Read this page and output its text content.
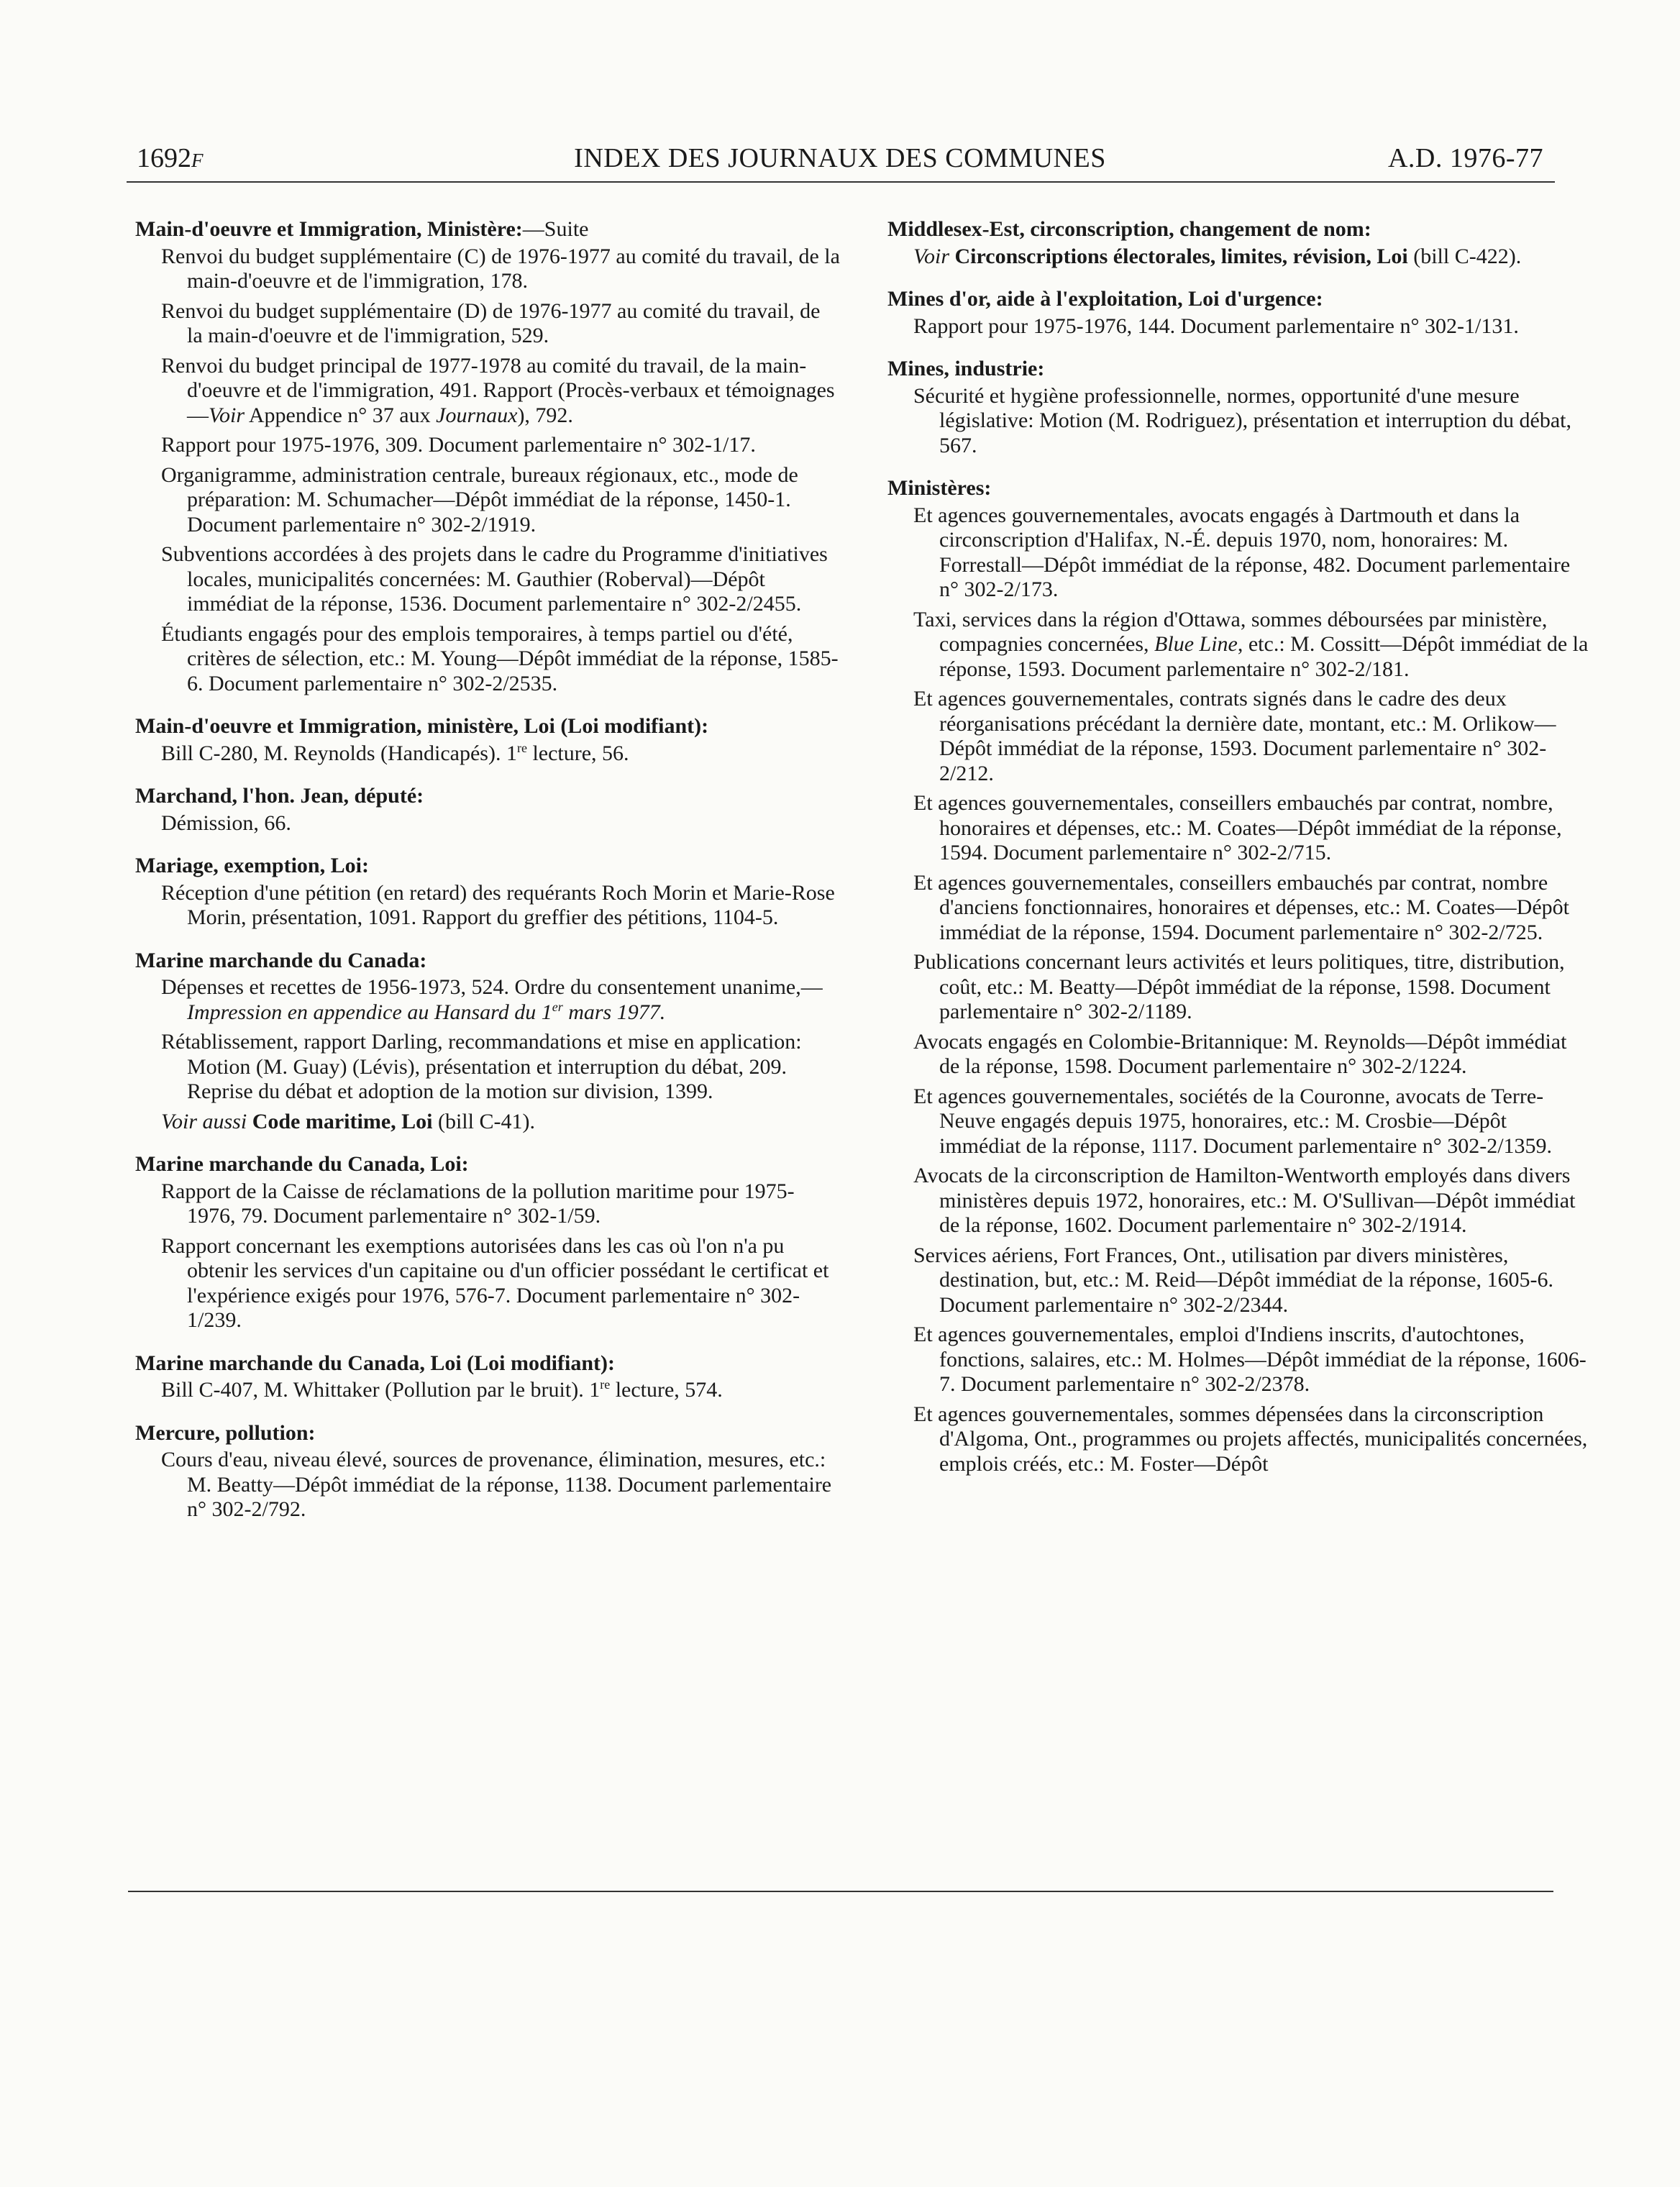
1692F	INDEX DES JOURNAUX DES COMMUNES	A.D. 1976-77
Main-d'oeuvre et Immigration, Ministère:—Suite
Renvoi du budget supplémentaire (C) de 1976-1977 au comité du travail, de la main-d'oeuvre et de l'immigration, 178.
Renvoi du budget supplémentaire (D) de 1976-1977 au comité du travail, de la main-d'oeuvre et de l'immigration, 529.
Renvoi du budget principal de 1977-1978 au comité du travail, de la main-d'oeuvre et de l'immigration, 491. Rapport (Procès-verbaux et témoignages—Voir Appendice n° 37 aux Journaux), 792.
Rapport pour 1975-1976, 309. Document parlementaire n° 302-1/17.
Organigramme, administration centrale, bureaux régionaux, etc., mode de préparation: M. Schumacher—Dépôt immédiat de la réponse, 1450-1. Document parlementaire n° 302-2/1919.
Subventions accordées à des projets dans le cadre du Programme d'initiatives locales, municipalités concernées: M. Gauthier (Roberval)—Dépôt immédiat de la réponse, 1536. Document parlementaire n° 302-2/2455.
Étudiants engagés pour des emplois temporaires, à temps partiel ou d'été, critères de sélection, etc.: M. Young—Dépôt immédiat de la réponse, 1585-6. Document parlementaire n° 302-2/2535.
Main-d'oeuvre et Immigration, ministère, Loi (Loi modifiant):
Bill C-280, M. Reynolds (Handicapés). 1re lecture, 56.
Marchand, l'hon. Jean, député:
Démission, 66.
Mariage, exemption, Loi:
Réception d'une pétition (en retard) des requérants Roch Morin et Marie-Rose Morin, présentation, 1091. Rapport du greffier des pétitions, 1104-5.
Marine marchande du Canada:
Dépenses et recettes de 1956-1973, 524. Ordre du consentement unanime,—Impression en appendice au Hansard du 1er mars 1977.
Rétablissement, rapport Darling, recommandations et mise en application: Motion (M. Guay) (Lévis), présentation et interruption du débat, 209. Reprise du débat et adoption de la motion sur division, 1399.
Voir aussi Code maritime, Loi (bill C-41).
Marine marchande du Canada, Loi:
Rapport de la Caisse de réclamations de la pollution maritime pour 1975-1976, 79. Document parlementaire n° 302-1/59.
Rapport concernant les exemptions autorisées dans les cas où l'on n'a pu obtenir les services d'un capitaine ou d'un officier possédant le certificat et l'expérience exigés pour 1976, 576-7. Document parlementaire n° 302-1/239.
Marine marchande du Canada, Loi (Loi modifiant):
Bill C-407, M. Whittaker (Pollution par le bruit). 1re lecture, 574.
Mercure, pollution:
Cours d'eau, niveau élevé, sources de provenance, élimination, mesures, etc.: M. Beatty—Dépôt immédiat de la réponse, 1138. Document parlementaire n° 302-2/792.
Middlesex-Est, circonscription, changement de nom:
Voir Circonscriptions électorales, limites, révision, Loi (bill C-422).
Mines d'or, aide à l'exploitation, Loi d'urgence:
Rapport pour 1975-1976, 144. Document parlementaire n° 302-1/131.
Mines, industrie:
Sécurité et hygiène professionnelle, normes, opportunité d'une mesure législative: Motion (M. Rodriguez), présentation et interruption du débat, 567.
Ministères:
Et agences gouvernementales, avocats engagés à Dartmouth et dans la circonscription d'Halifax, N.-É. depuis 1970, nom, honoraires: M. Forrestall—Dépôt immédiat de la réponse, 482. Document parlementaire n° 302-2/173.
Taxi, services dans la région d'Ottawa, sommes déboursées par ministère, compagnies concernées, Blue Line, etc.: M. Cossitt—Dépôt immédiat de la réponse, 1593. Document parlementaire n° 302-2/181.
Et agences gouvernementales, contrats signés dans le cadre des deux réorganisations précédant la dernière date, montant, etc.: M. Orlikow—Dépôt immédiat de la réponse, 1593. Document parlementaire n° 302-2/212.
Et agences gouvernementales, conseillers embauchés par contrat, nombre, honoraires et dépenses, etc.: M. Coates—Dépôt immédiat de la réponse, 1594. Document parlementaire n° 302-2/715.
Et agences gouvernementales, conseillers embauchés par contrat, nombre d'anciens fonctionnaires, honoraires et dépenses, etc.: M. Coates—Dépôt immédiat de la réponse, 1594. Document parlementaire n° 302-2/725.
Publications concernant leurs activités et leurs politiques, titre, distribution, coût, etc.: M. Beatty—Dépôt immédiat de la réponse, 1598. Document parlementaire n° 302-2/1189.
Avocats engagés en Colombie-Britannique: M. Reynolds—Dépôt immédiat de la réponse, 1598. Document parlementaire n° 302-2/1224.
Et agences gouvernementales, sociétés de la Couronne, avocats de Terre-Neuve engagés depuis 1975, honoraires, etc.: M. Crosbie—Dépôt immédiat de la réponse, 1117. Document parlementaire n° 302-2/1359.
Avocats de la circonscription de Hamilton-Wentworth employés dans divers ministères depuis 1972, honoraires, etc.: M. O'Sullivan—Dépôt immédiat de la réponse, 1602. Document parlementaire n° 302-2/1914.
Services aériens, Fort Frances, Ont., utilisation par divers ministères, destination, but, etc.: M. Reid—Dépôt immédiat de la réponse, 1605-6. Document parlementaire n° 302-2/2344.
Et agences gouvernementales, emploi d'Indiens inscrits, d'autochtones, fonctions, salaires, etc.: M. Holmes—Dépôt immédiat de la réponse, 1606-7. Document parlementaire n° 302-2/2378.
Et agences gouvernementales, sommes dépensées dans la circonscription d'Algoma, Ont., programmes ou projets affectés, municipalités concernées, emplois créés, etc.: M. Foster—Dépôt
